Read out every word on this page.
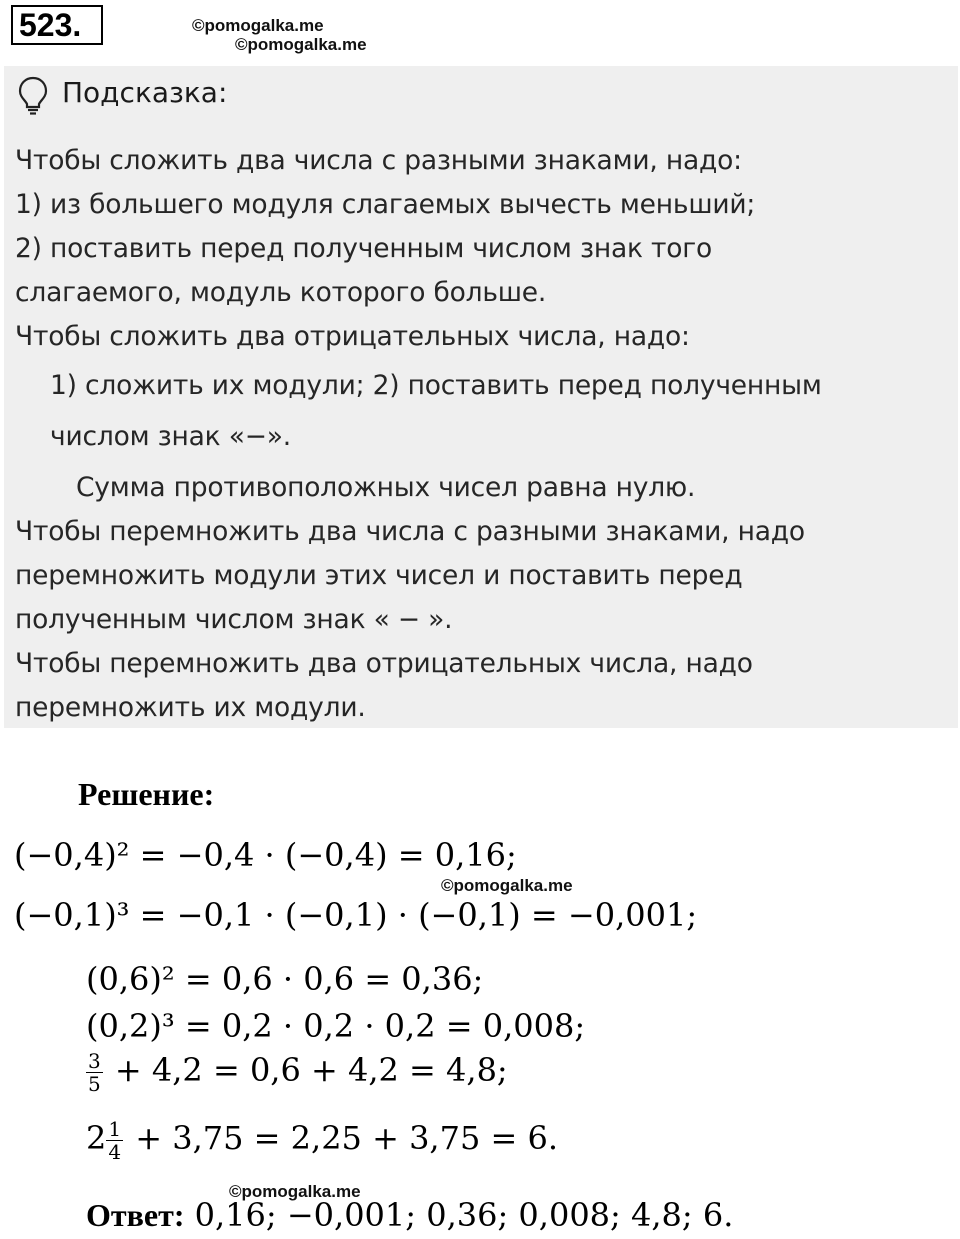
523.	©pomogalka.me
©pomogalka.me
Подсказка:
Чтобы сложить два числа с разными знаками, надо:
1) из большего модуля слагаемых вычесть меньший;
2) поставить перед полученным числом знак того
слагаемого, модуль которого больше.
Чтобы сложить два отрицательных числа, надо:
1) сложить их модули; 2) поставить перед полученным
числом знак «−».
Сумма противоположных чисел равна нулю.
Чтобы перемножить два числа с разными знаками, надо
перемножить модули этих чисел и поставить перед
полученным числом знак « − ».
Чтобы перемножить два отрицательных числа, надо
перемножить их модули.
Решение:
(−0,4)² = −0,4 · (−0,4) = 0,16;
©pomogalka.me
(−0,1)³ = −0,1 · (−0,1) · (−0,1) = −0,001;
(0,6)² = 0,6 · 0,6 = 0,36;
(0,2)³ = 0,2 · 0,2 · 0,2 = 0,008;
$\frac{3}{5} + 4,2 = 0,6 + 4,2 = 4,8$;
$2 \frac{1}{4} + 3,75 = 2,25 + 3,75 = 6$.
©pomogalka.me
Ответ: 0,16; −0,001; 0,36; 0,008; 4,8; 6.
